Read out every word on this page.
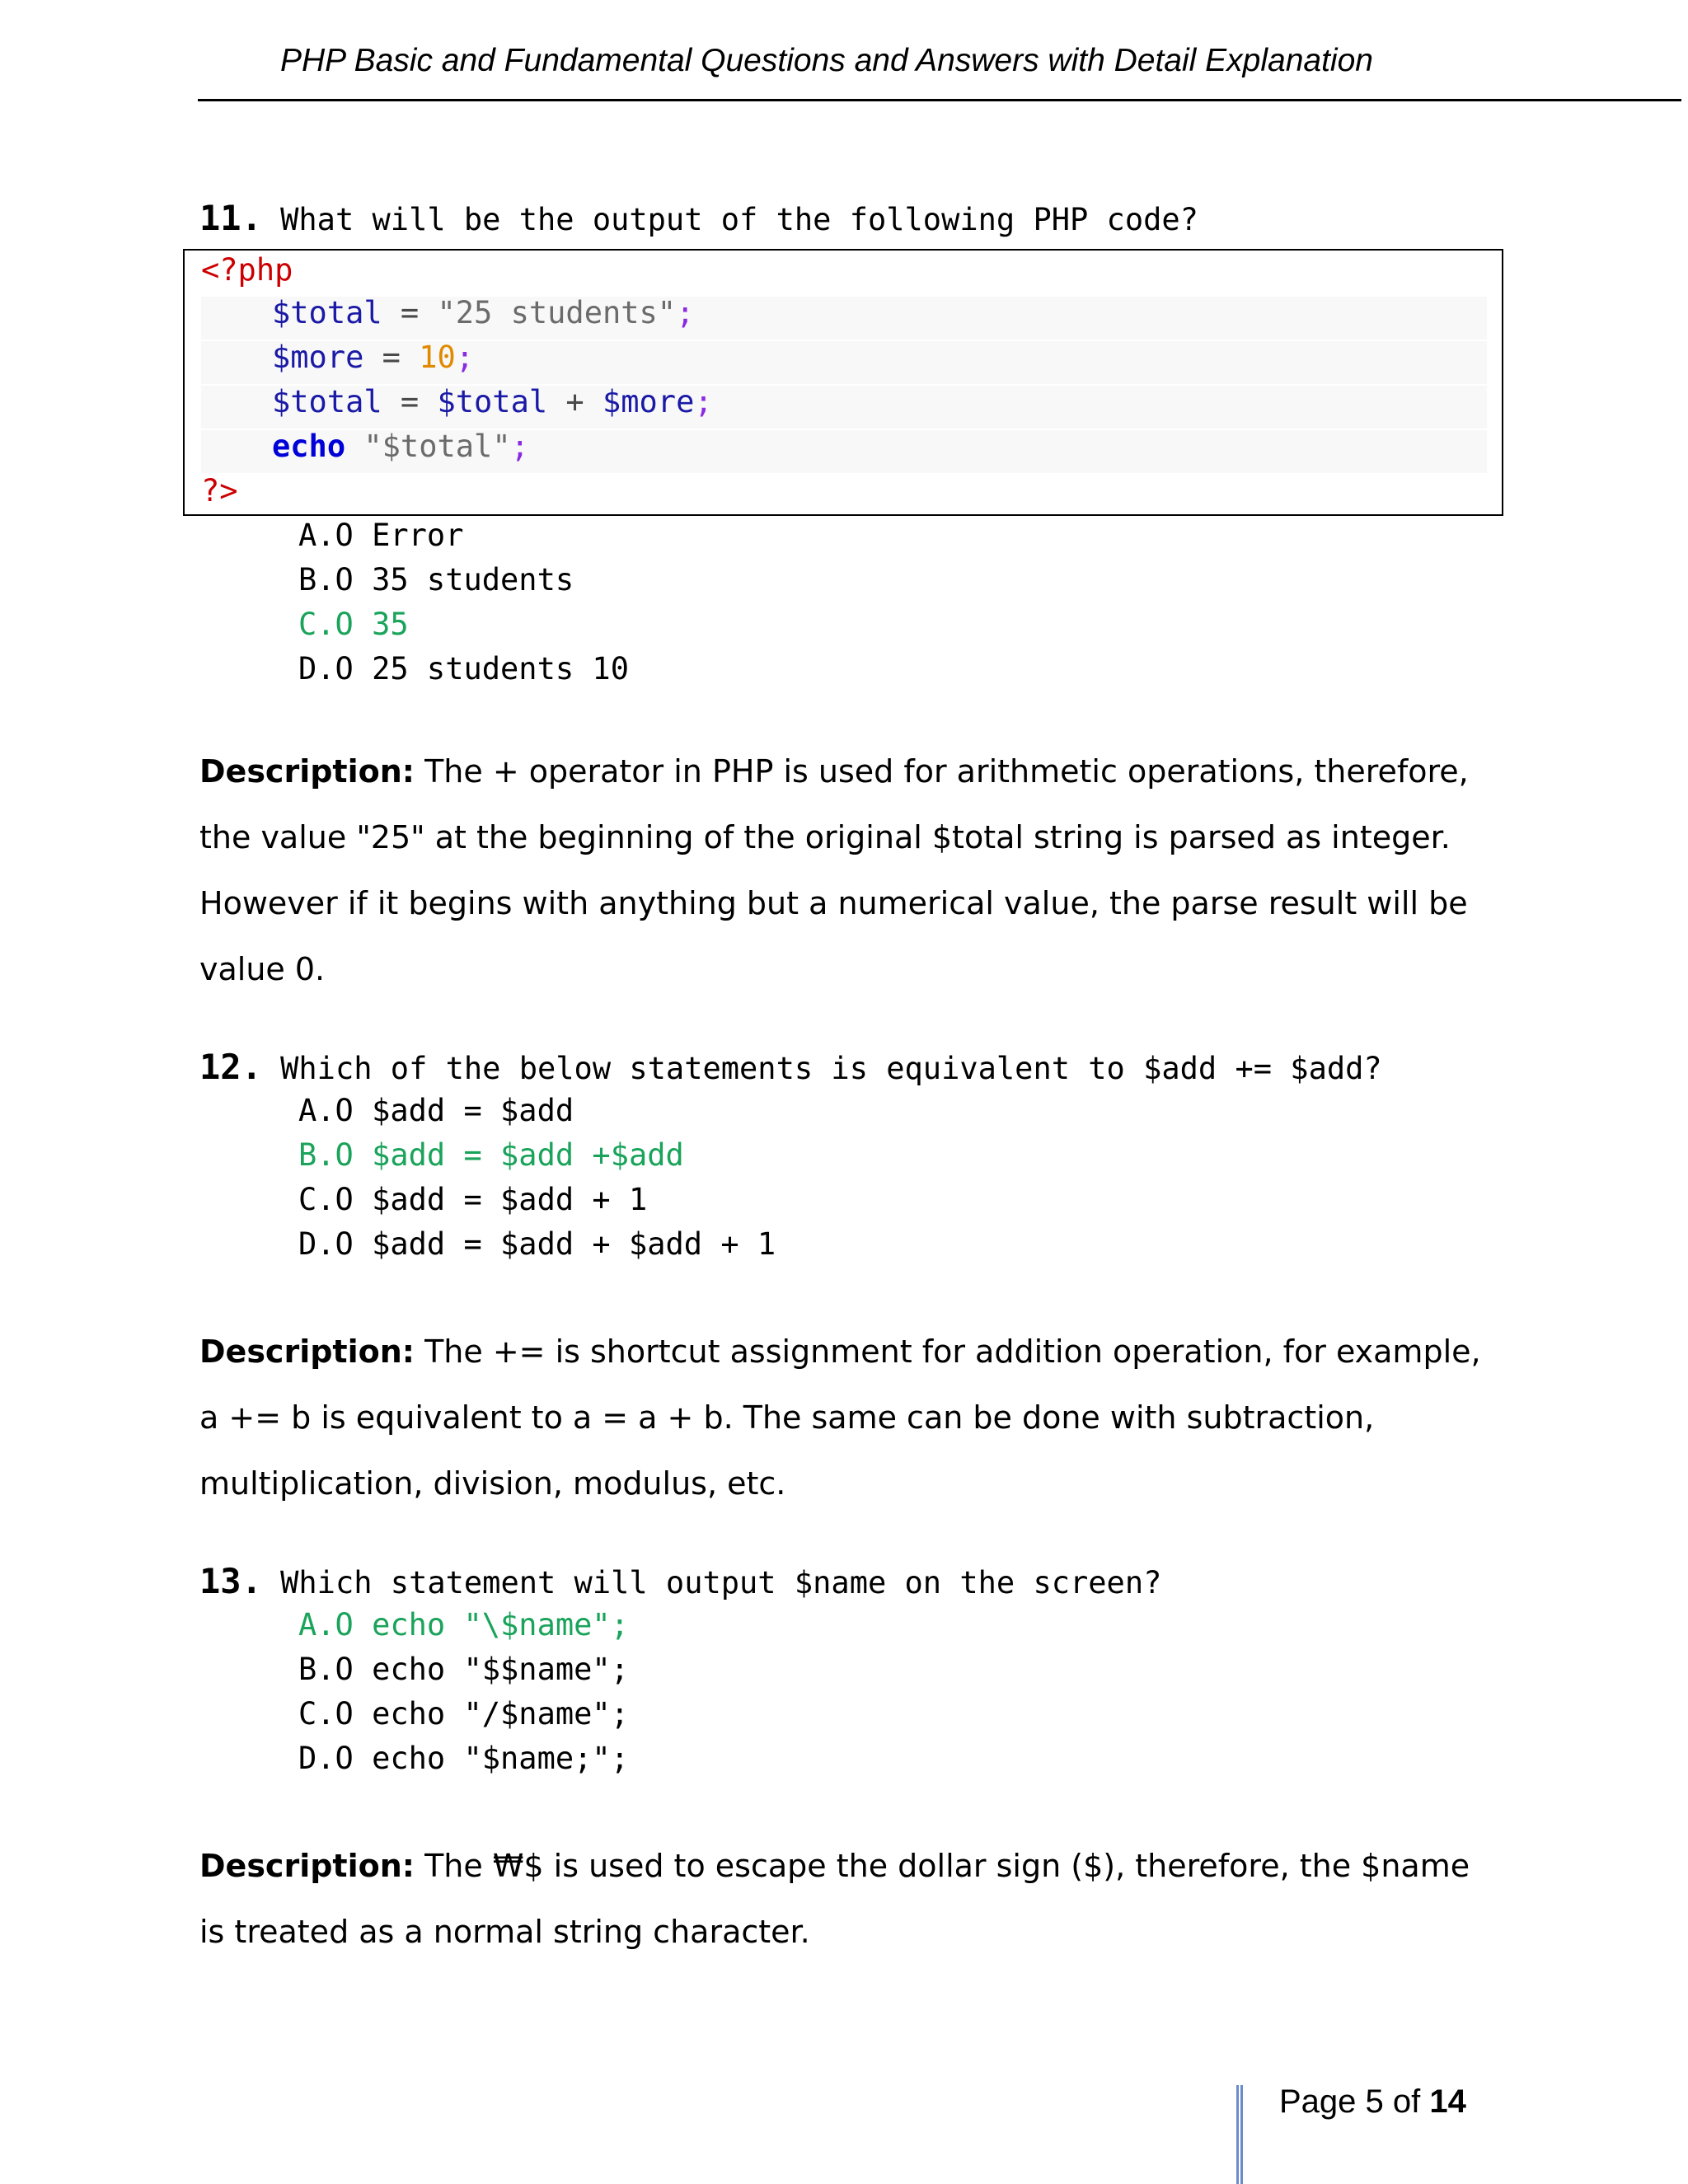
PHP Basic and Fundamental Questions and Answers with Detail Explanation
11. What will be the output of the following PHP code?
<?php
$total = "25 students";
$more = 10;
$total = $total + $more;
echo "$total";
?>
A.O Error
B.O 35 students
C.O 35
D.O 25 students 10
Description: The + operator in PHP is used for arithmetic operations, therefore, the value "25" at the beginning of the original $total string is parsed as integer. However if it begins with anything but a numerical value, the parse result will be value 0.
12. Which of the below statements is equivalent to $add += $add?
A.O $add = $add
B.O $add = $add +$add
C.O $add = $add + 1
D.O $add = $add + $add + 1
Description: The += is shortcut assignment for addition operation, for example, a += b is equivalent to a = a + b. The same can be done with subtraction, multiplication, division, modulus, etc.
13. Which statement will output $name on the screen?
A.O echo "\$name";
B.O echo "$$name";
C.O echo "/$name";
D.O echo "$name;";
Description: The ₩$ is used to escape the dollar sign ($), therefore, the $name is treated as a normal string character.
Page 5 of 14
